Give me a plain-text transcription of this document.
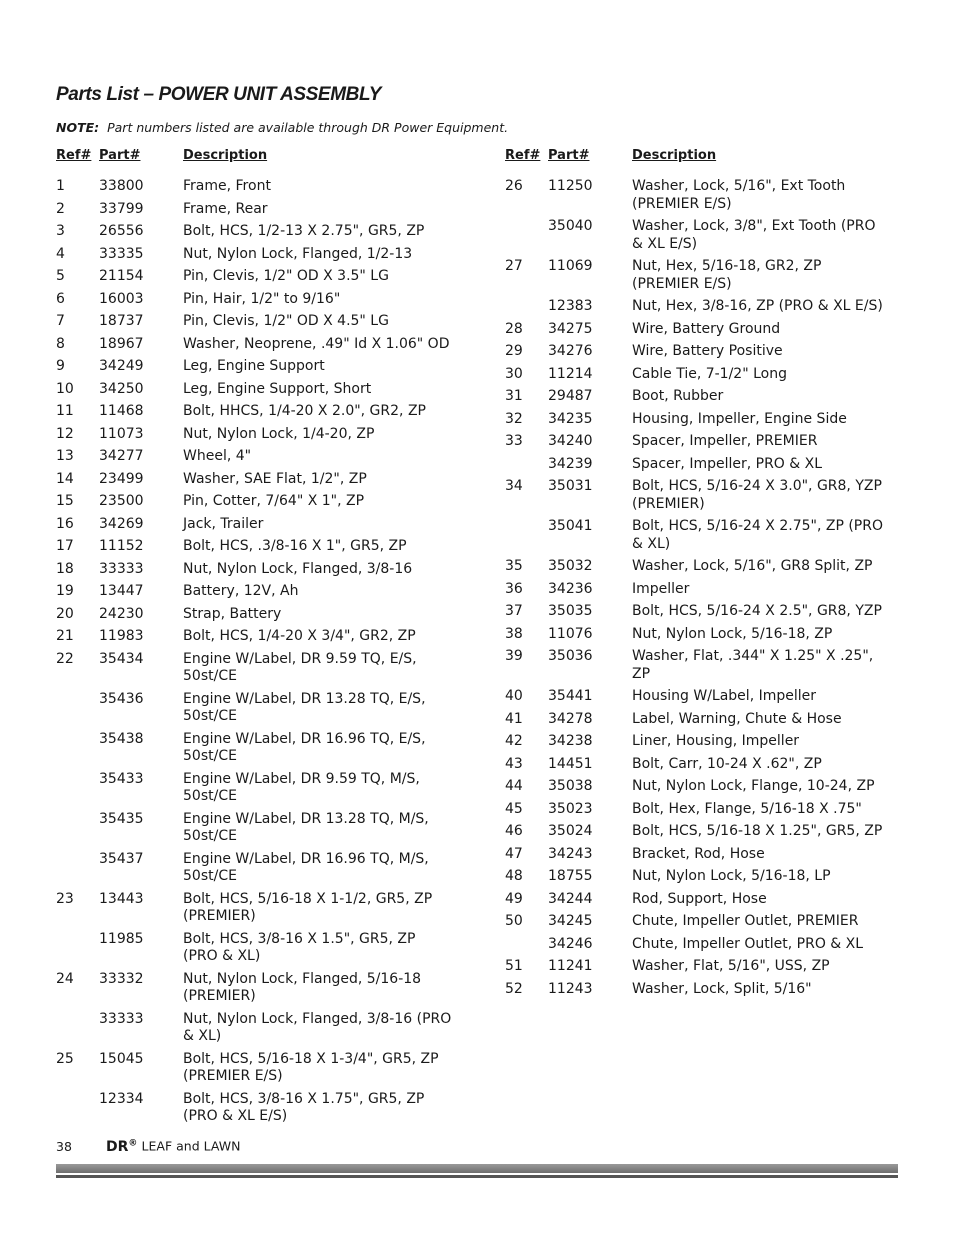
Parts List – POWER UNIT ASSEMBLY
NOTE: Part numbers listed are available through DR Power Equipment.
Ref# Part#	Description
1 33800	Frame, Front
2 33799	Frame, Rear
3 26556	Bolt, HCS, 1/2-13 X 2.75", GR5, ZP
4 33335	Nut, Nylon Lock, Flanged, 1/2-13
5 21154	Pin, Clevis, 1/2" OD X 3.5" LG
6 16003	Pin, Hair, 1/2" to 9/16"
7 18737	Pin, Clevis, 1/2" OD X 4.5" LG
8 18967	Washer, Neoprene, .49" Id X 1.06" OD
9 34249	Leg, Engine Support
10 34250	Leg, Engine Support, Short
11 11468	Bolt, HHCS, 1/4-20 X 2.0", GR2, ZP
12 11073	Nut, Nylon Lock, 1/4-20, ZP
13 34277	Wheel, 4"
14 23499	Washer, SAE Flat, 1/2", ZP
15 23500	Pin, Cotter, 7/64" X 1", ZP
16 34269	Jack, Trailer
17 11152	Bolt, HCS, .3/8-16 X 1", GR5, ZP
18 33333	Nut, Nylon Lock, Flanged, 3/8-16
19 13447	Battery, 12V, Ah
20 24230	Strap, Battery
21 11983	Bolt, HCS, 1/4-20 X 3/4", GR2, ZP
22 35434	Engine W/Label, DR 9.59 TQ, E/S, 50st/CE
35436	Engine W/Label, DR 13.28 TQ, E/S, 50st/CE
35438	Engine W/Label, DR 16.96 TQ, E/S, 50st/CE
35433	Engine W/Label, DR 9.59 TQ, M/S, 50st/CE
35435	Engine W/Label, DR 13.28 TQ, M/S, 50st/CE
35437	Engine W/Label, DR 16.96 TQ, M/S, 50st/CE
23 13443	Bolt, HCS, 5/16-18 X 1-1/2, GR5, ZP (PREMIER)
11985	Bolt, HCS, 3/8-16 X 1.5", GR5, ZP (PRO & XL)
24 33332	Nut, Nylon Lock, Flanged, 5/16-18 (PREMIER)
33333	Nut, Nylon Lock, Flanged, 3/8-16 (PRO & XL)
25 15045	Bolt, HCS, 5/16-18 X 1-3/4", GR5, ZP (PREMIER E/S)
12334	Bolt, HCS, 3/8-16 X 1.75", GR5, ZP (PRO & XL E/S)
Ref# Part#	Description
26 11250	Washer, Lock, 5/16", Ext Tooth (PREMIER E/S)
35040	Washer, Lock, 3/8", Ext Tooth (PRO & XL E/S)
27 11069	Nut, Hex, 5/16-18, GR2, ZP (PREMIER E/S)
12383	Nut, Hex, 3/8-16, ZP (PRO & XL E/S)
28 34275	Wire, Battery Ground
29 34276	Wire, Battery Positive
30 11214	Cable Tie, 7-1/2" Long
31 29487	Boot, Rubber
32 34235	Housing, Impeller, Engine Side
33 34240	Spacer, Impeller, PREMIER
34239	Spacer, Impeller, PRO & XL
34 35031	Bolt, HCS, 5/16-24 X 3.0", GR8, YZP (PREMIER)
35041	Bolt, HCS, 5/16-24 X 2.75", ZP (PRO & XL)
35 35032	Washer, Lock, 5/16", GR8 Split, ZP
36 34236	Impeller
37 35035	Bolt, HCS, 5/16-24 X 2.5", GR8, YZP
38 11076	Nut, Nylon Lock, 5/16-18, ZP
39 35036	Washer, Flat, .344" X 1.25" X .25", ZP
40 35441	Housing W/Label, Impeller
41 34278	Label, Warning, Chute & Hose
42 34238	Liner, Housing, Impeller
43 14451	Bolt, Carr, 10-24 X .62", ZP
44 35038	Nut, Nylon Lock, Flange, 10-24, ZP
45 35023	Bolt, Hex, Flange, 5/16-18 X .75"
46 35024	Bolt, HCS, 5/16-18 X 1.25", GR5, ZP
47 34243	Bracket, Rod, Hose
48 18755	Nut, Nylon Lock, 5/16-18, LP
49 34244	Rod, Support, Hose
50 34245	Chute, Impeller Outlet, PREMIER
34246	Chute, Impeller Outlet, PRO & XL
51 11241	Washer, Flat, 5/16", USS, ZP
52 11243	Washer, Lock, Split, 5/16"
38 DR® LEAF and LAWN
